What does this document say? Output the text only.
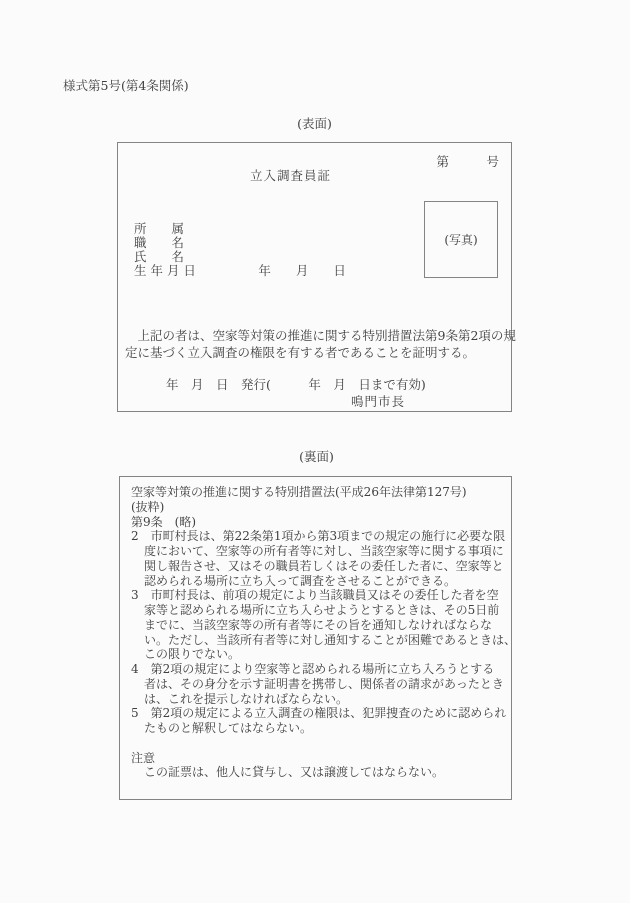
様式第5号(第4条関係)
(表面)
第　　　号
立入調査員証
(写真)
所　　属
職　　名
氏　　名
生 年 月 日　　　　　年　　月　　日
　上記の者は、空家等対策の推進に関する特別措置法第9条第2項の規
定に基づく立入調査の権限を有する者であることを証明する。
年　月　日　発行(　　　年　月　日まで有効)
鳴門市長
(裏面)
空家等対策の推進に関する特別措置法(平成26年法律第127号)
(抜粋)
第9条　(略)
2　市町村長は、第22条第1項から第3項までの規定の施行に必要な限
度において、空家等の所有者等に対し、当該空家等に関する事項に
関し報告させ、又はその職員若しくはその委任した者に、空家等と
認められる場所に立ち入って調査をさせることができる。
3　市町村長は、前項の規定により当該職員又はその委任した者を空
家等と認められる場所に立ち入らせようとするときは、その5日前
までに、当該空家等の所有者等にその旨を通知しなければならな
い。ただし、当該所有者等に対し通知することが困難であるときは、
この限りでない。
4　第2項の規定により空家等と認められる場所に立ち入ろうとする
者は、その身分を示す証明書を携帯し、関係者の請求があったとき
は、これを提示しなければならない。
5　第2項の規定による立入調査の権限は、犯罪捜査のために認められ
たものと解釈してはならない。
注意
この証票は、他人に貸与し、又は譲渡してはならない。
